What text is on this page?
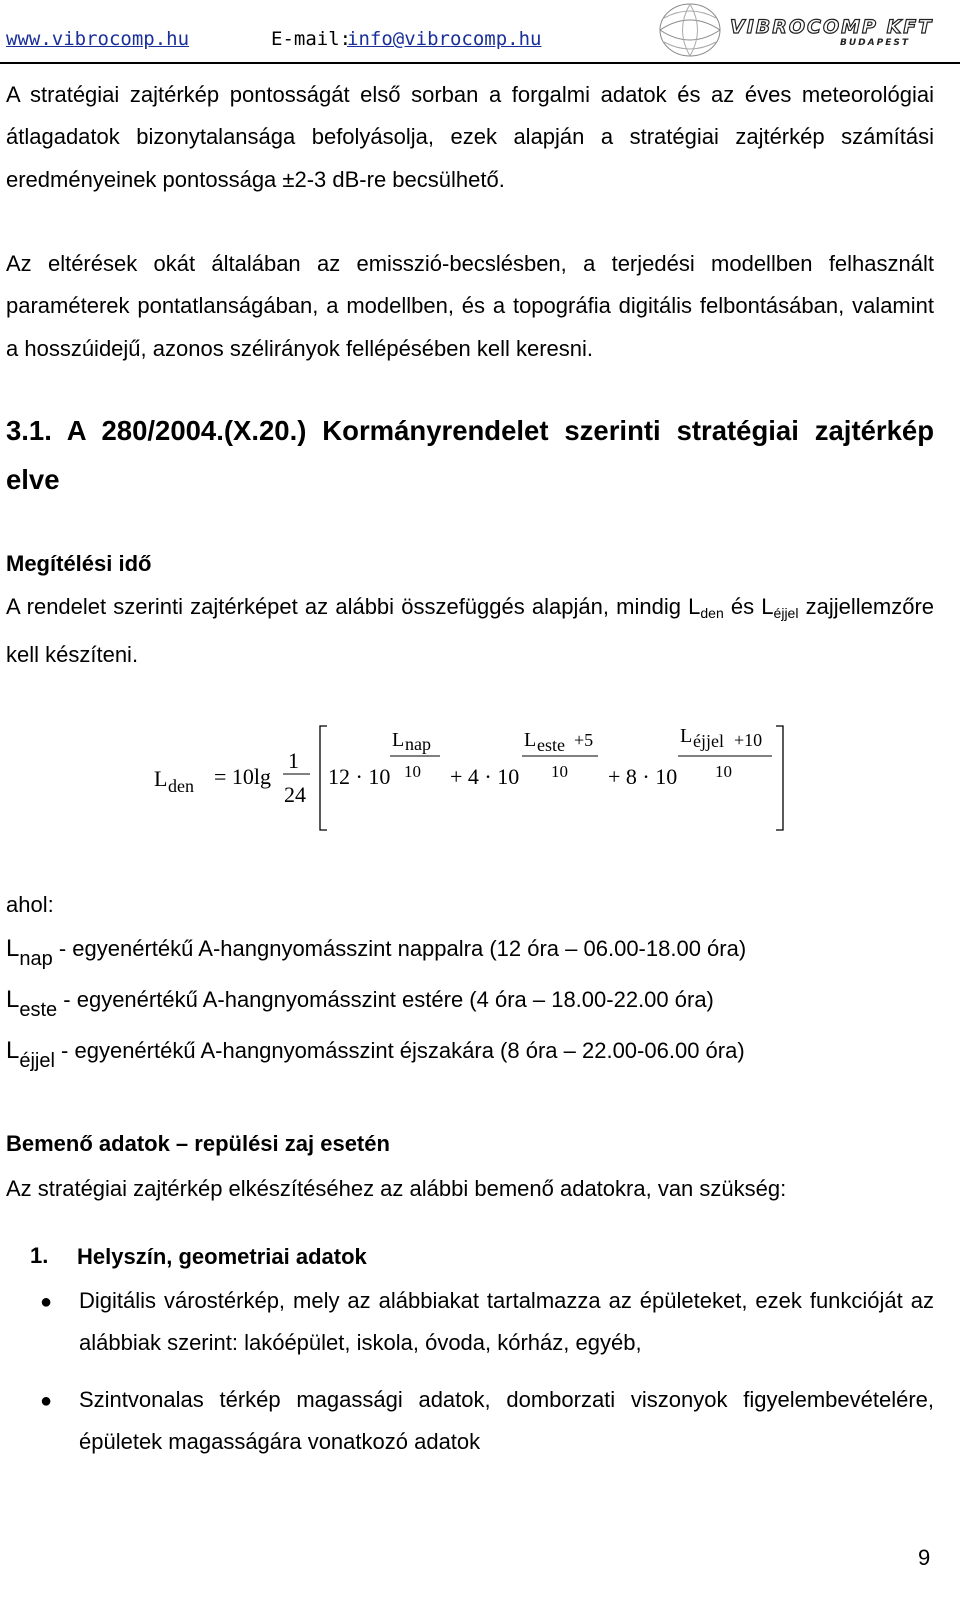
www.vibrocomp.hu	E-mail:
info@vibrocomp.hu
VIBROCOMP KFT
BUDAPEST

A stratégiai zajtérkép pontosságát első sorban a forgalmi adatok és az éves meteorológiai átlagadatok bizonytalansága befolyásolja, ezek alapján a stratégiai zajtérkép számítási eredményeinek pontossága ±2-3 dB-re becsülhető.

Az eltérések okát általában az emisszió-becslésben, a terjedési modellben felhasznált paraméterek pontatlanságában, a modellben, és a topográfia digitális felbontásában, valamint a hosszúidejű, azonos szélirányok fellépésében kell keresni.

3.1. A 280/2004.(X.20.) Kormányrendelet szerinti stratégiai zajtérkép elve
Megítélési idő

A rendelet szerinti zajtérképet az alábbi összefüggés alapján, mindig $L_{den}$ és $L_{éjjel}$ zajjellemzőre kell készíteni.

L den = 10lg
1
24
12 · 10
L nap
10 + 4 · 10
L este +5
10 + 8 · 10
L éjjel +10
10
ahol:
$L_{nap}$ - egyenértékű A-hangnyomásszint nappalra (12 óra – 06.00-18.00 óra)
$L_{este}$ - egyenértékű A-hangnyomásszint estére (4 óra – 18.00-22.00 óra)
$L_{éjjel}$ - egyenértékű A-hangnyomásszint éjszakára (8 óra – 22.00-06.00 óra)
Bemenő adatok – repülési zaj esetén
Az stratégiai zajtérkép elkészítéséhez az alábbi bemenő adatokra, van szükség:
1. Helyszín, geometriai adatok
● Digitális várostérkép, mely az alábbiakat tartalmazza az épületeket, ezek funkcióját az alábbiak szerint: lakóépület, iskola, óvoda, kórház, egyéb,

● Szintvonalas térkép magassági adatok, domborzati viszonyok figyelembevételére, épületek magasságára vonatkozó adatok

9
